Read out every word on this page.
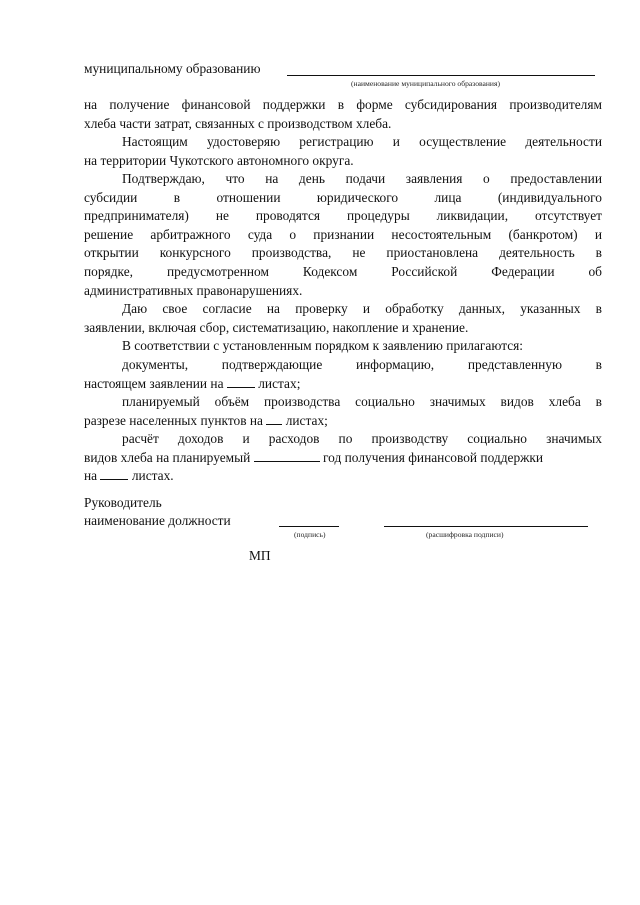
муниципальному образованию
(наименование муниципального образования)
на получение финансовой поддержки в форме субсидирования производителям
хлеба части затрат, связанных с производством хлеба.
Настоящим удостоверяю регистрацию и осуществление деятельности
на территории Чукотского автономного округа.
Подтверждаю, что на день подачи заявления о предоставлении
субсидии в отношении юридического лица (индивидуального
предпринимателя) не проводятся процедуры ликвидации, отсутствует
решение арбитражного суда о признании несостоятельным (банкротом) и
открытии конкурсного производства, не приостановлена деятельность в
порядке, предусмотренном Кодексом Российской Федерации об
административных правонарушениях.
Даю свое согласие на проверку и обработку данных, указанных в
заявлении, включая сбор, систематизацию, накопление и хранение.
В соответствии с установленным порядком к заявлению прилагаются:
документы, подтверждающие информацию, представленную в
настоящем заявлении на	листах;
планируемый объём производства социально значимых видов хлеба в
разрезе населенных пунктов на листах;
расчёт доходов и расходов по производству социально значимых
видов хлеба на планируемый	год получения финансовой поддержки
на	листах.
Руководитель
наименование должности
(подпись)	(расшифровка подписи)
МП
